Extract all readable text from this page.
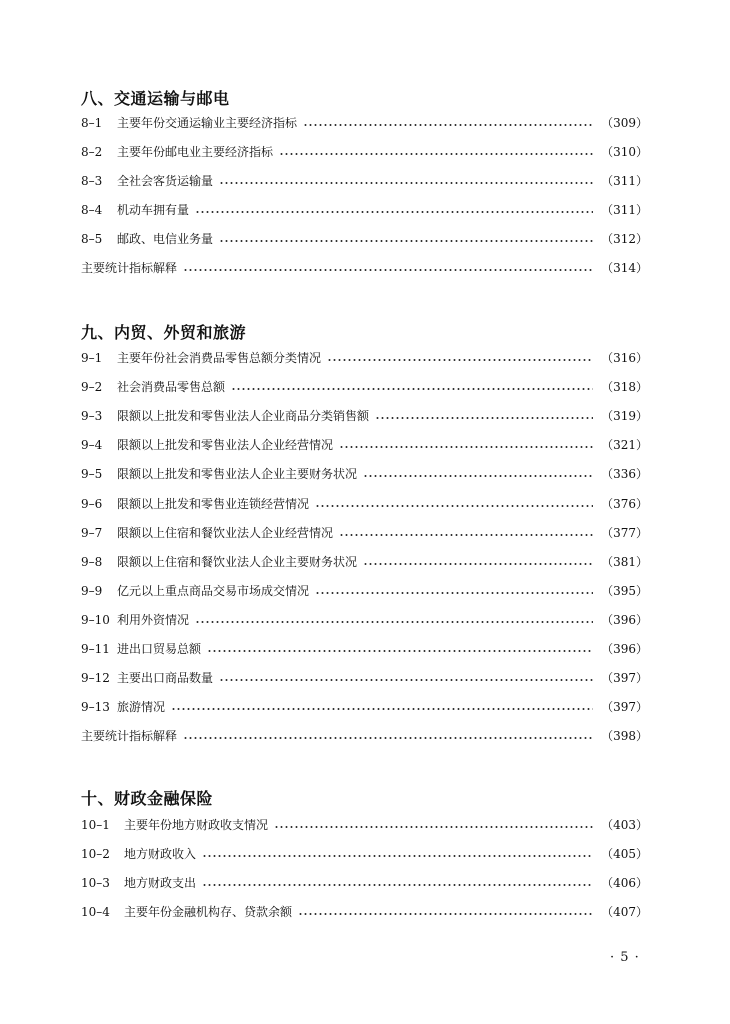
八、交通运输与邮电
8–1	主要年份交通运输业主要经济指标	（309）
8–2	主要年份邮电业主要经济指标	（310）
8–3	全社会客货运输量	（311）
8–4	机动车拥有量	（311）
8–5	邮政、电信业务量	（312）
主要统计指标解释	（314）
九、内贸、外贸和旅游
9–1	主要年份社会消费品零售总额分类情况	（316）
9–2	社会消费品零售总额	（318）
9–3	限额以上批发和零售业法人企业商品分类销售额	（319）
9–4	限额以上批发和零售业法人企业经营情况	（321）
9–5	限额以上批发和零售业法人企业主要财务状况	（336）
9–6	限额以上批发和零售业连锁经营情况	（376）
9–7	限额以上住宿和餐饮业法人企业经营情况	（377）
9–8	限额以上住宿和餐饮业法人企业主要财务状况	（381）
9–9	亿元以上重点商品交易市场成交情况	（395）
9–10 利用外资情况	（396）
9–11 进出口贸易总额	（396）
9–12 主要出口商品数量	（397）
9–13 旅游情况	（397）
主要统计指标解释	（398）
十、财政金融保险
10–1	主要年份地方财政收支情况	（403）
10–2	地方财政收入	（405）
10–3	地方财政支出	（406）
10–4	主要年份金融机构存、贷款余额	（407）
· 5 ·
